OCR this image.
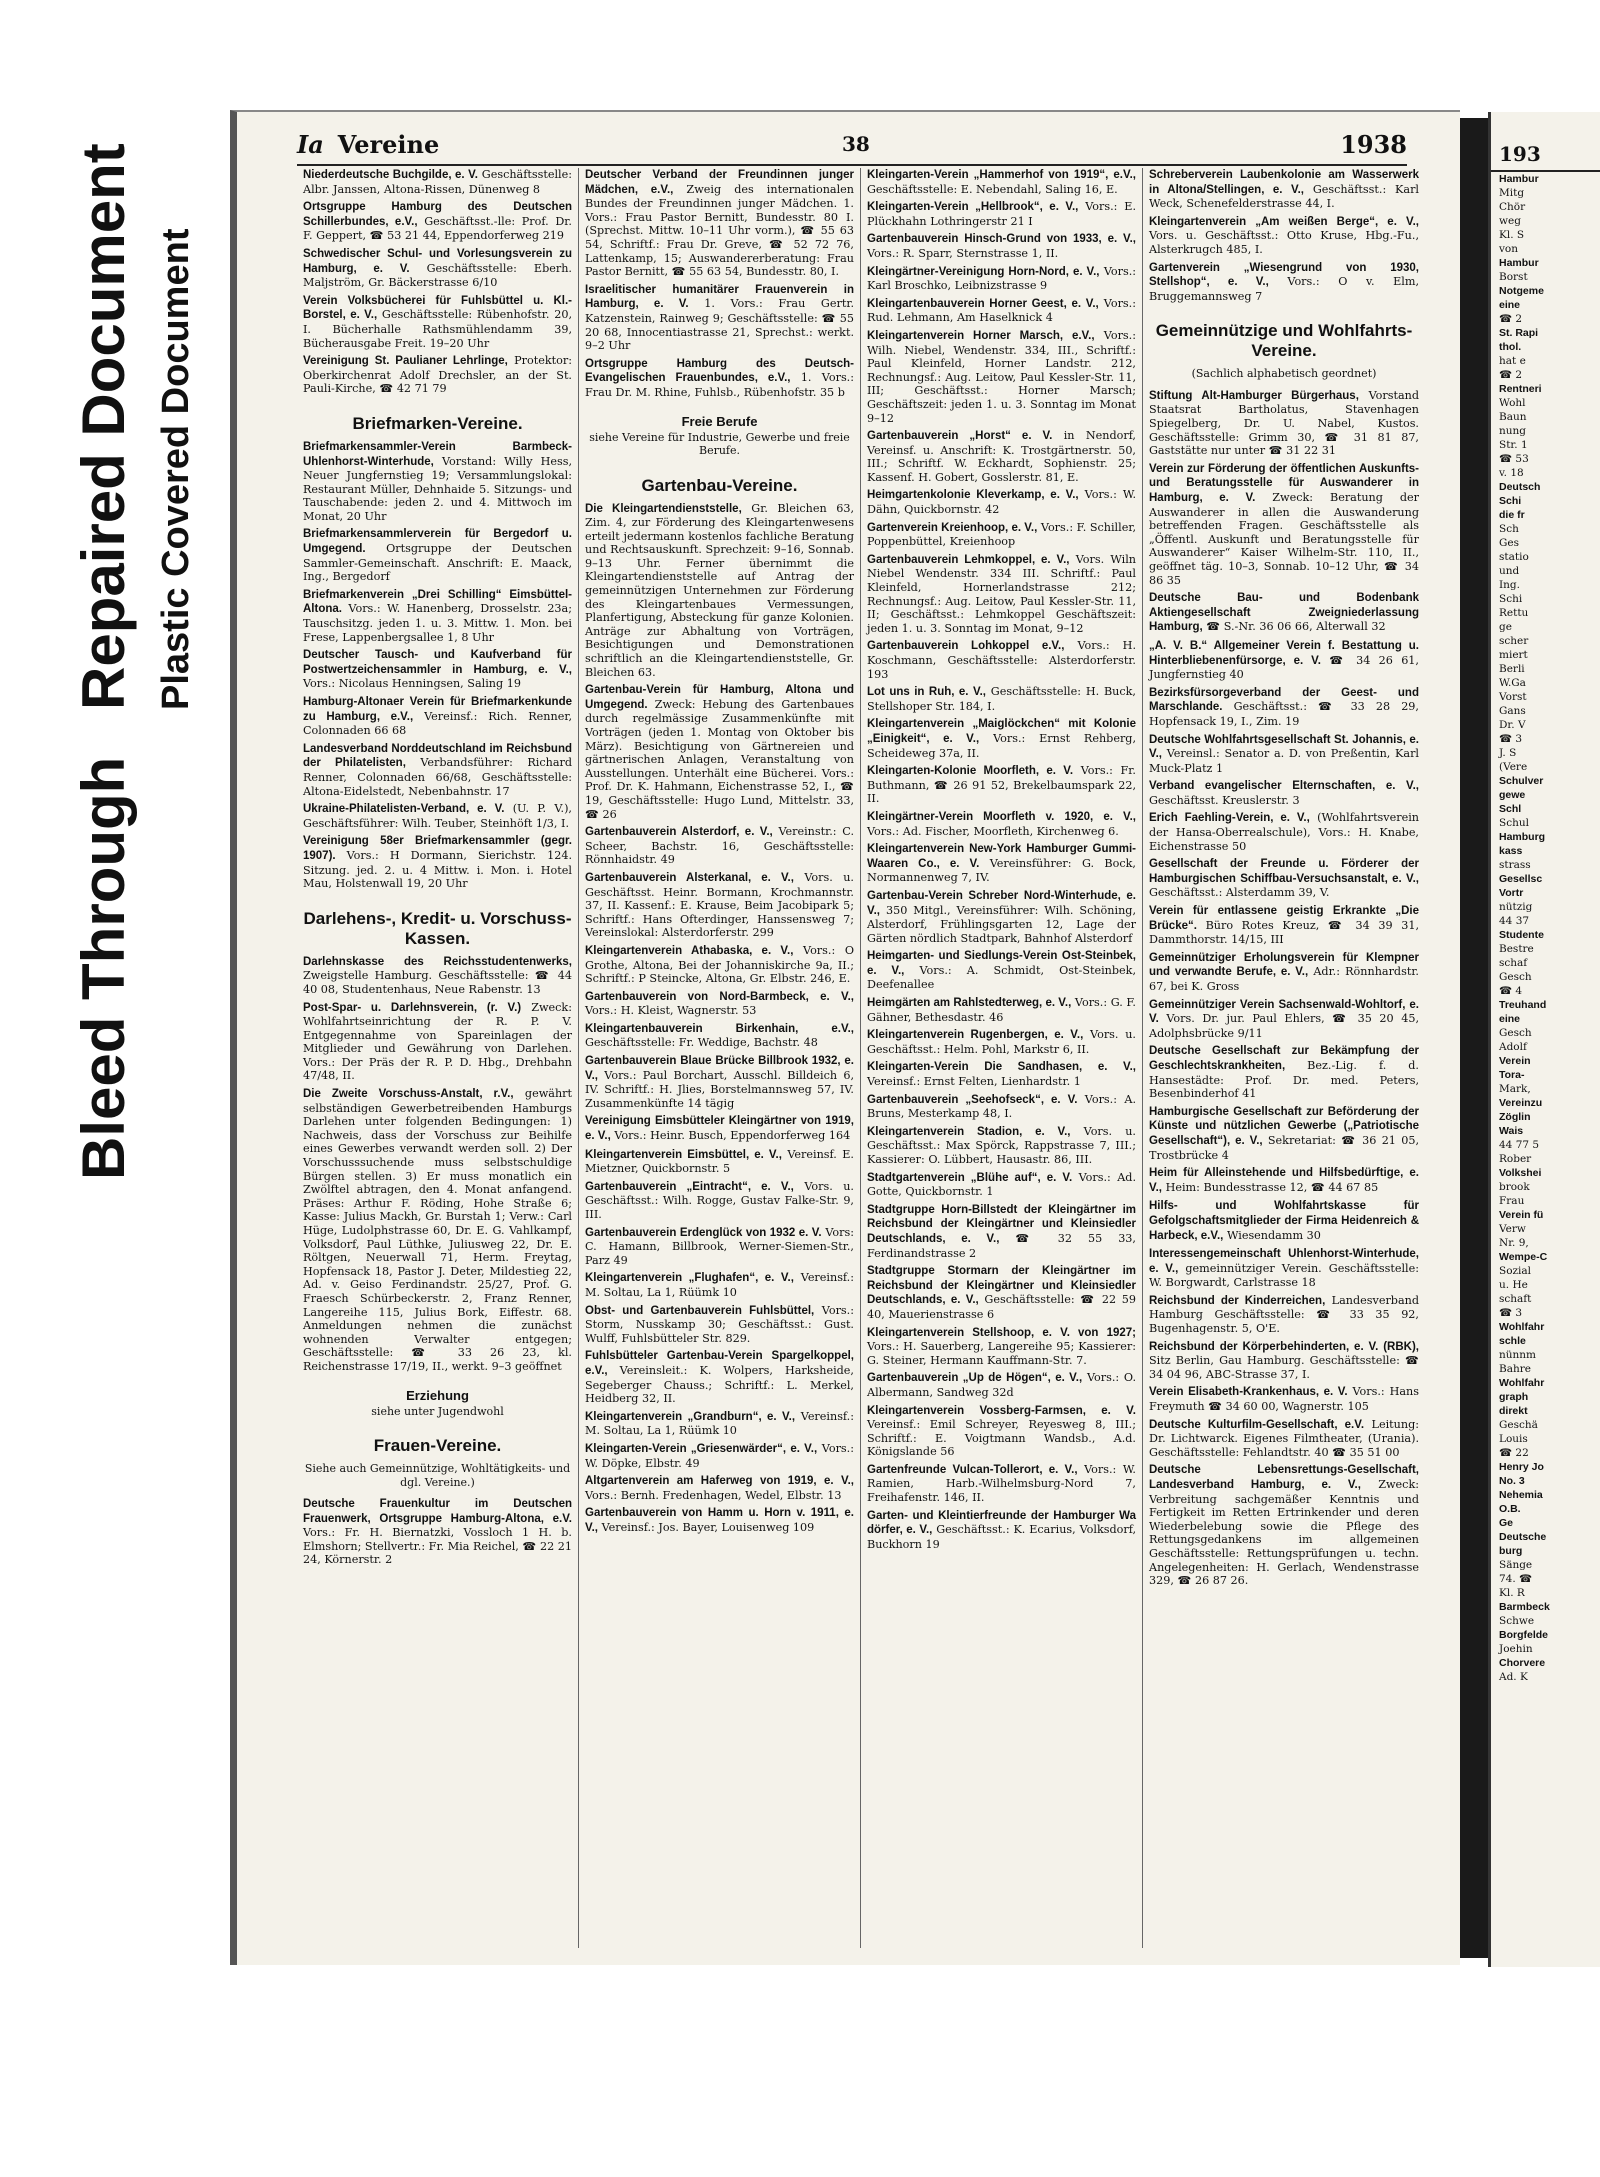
Bleed Through
Repaired Document Plastic Covered Document
Ia Vereine	38	1938
Niederdeutsche Buchgilde, e. V. Geschäftsstelle: Albr. Janssen, Altona-Rissen, Dünenweg 8
Ortsgruppe Hamburg des Deutschen Schillerbundes, e.V., Geschäftsst.-lle: Prof. Dr. F. Geppert, ☎ 53 21 44, Eppendorferweg 219
Schwedischer Schul- und Vorlesungsverein zu Hamburg, e. V. Geschäftsstelle: Eberh. Maljström, Gr. Bäckerstrasse 6/10
Verein Volksbücherei für Fuhlsbüttel u. Kl.-Borstel, e. V., Geschäftsstelle: Rübenhofstr. 20, I. Bücherhalle Rathsmühlendamm 39, Bücherausgabe Freit. 19–20 Uhr
Vereinigung St. Paulianer Lehrlinge, Protektor: Oberkirchenrat Adolf Drechsler, an der St. Pauli-Kirche, ☎ 42 71 79
Briefmarken-Vereine.
Briefmarkensammler-Verein Barmbeck-Uhlenhorst-Winterhude, Vorstand: Willy Hess, Neuer Jungfernstieg 19; Versammlungslokal: Restaurant Müller, Dehnhaide 5. Sitzungs- und Tauschabende: jeden 2. und 4. Mittwoch im Monat, 20 Uhr
Briefmarkensammlerverein für Bergedorf u. Umgegend. Ortsgruppe der Deutschen Sammler-Gemeinschaft. Anschrift: E. Maack, Ing., Bergedorf
Briefmarkenverein „Drei Schilling“ Eimsbüttel-Altona. Vors.: W. Hanenberg, Drosselstr. 23a; Tauschsitzg. jeden 1. u. 3. Mittw. 1. Mon. bei Frese, Lappenbergsallee 1, 8 Uhr
Deutscher Tausch- und Kaufverband für Postwertzeichensammler in Hamburg, e. V., Vors.: Nicolaus Henningsen, Saling 19
Hamburg-Altonaer Verein für Briefmarkenkunde zu Hamburg, e.V., Vereinsf.: Rich. Renner, Colonnaden 66 68
Landesverband Norddeutschland im Reichsbund der Philatelisten, Verbandsführer: Richard Renner, Colonnaden 66/68, Geschäftsstelle: Altona-Eidelstedt, Nebenbahnstr. 17
Ukraine-Philatelisten-Verband, e. V. (U. P. V.), Geschäftsführer: Wilh. Teuber, Steinhöft 1/3, I.
Vereinigung 58er Briefmarkensammler (gegr. 1907). Vors.: H Dormann, Sierichstr. 124. Sitzung. jed. 2. u. 4 Mittw. i. Mon. i. Hotel Mau, Holstenwall 19, 20 Uhr
Darlehens-, Kredit- u. Vorschuss-Kassen.
Darlehnskasse des Reichsstudentenwerks, Zweigstelle Hamburg. Geschäftsstelle: ☎ 44 40 08, Studentenhaus, Neue Rabenstr. 13
Post-Spar- u. Darlehnsverein, (r. V.) Zweck: Wohlfahrtseinrichtung der R. P. V. Entgegennahme von Spareinlagen der Mitglieder und Gewährung von Darlehen. Vors.: Der Präs der R. P. D. Hbg., Drehbahn 47/48, II.
Die Zweite Vorschuss-Anstalt, r.V., gewährt selbständigen Gewerbetreibenden Hamburgs Darlehen unter folgenden Bedingungen: 1) Nachweis, dass der Vorschuss zur Beihilfe eines Gewerbes verwandt werden soll. 2) Der Vorschusssuchende muss selbstschuldige Bürgen stellen. 3) Er muss monatlich ein Zwölftel abtragen, den 4. Monat anfangend. Präses: Arthur F. Röding, Hohe Straße 6; Kasse: Julius Mackh, Gr. Burstah 1; Verw.: Carl Hüge, Ludolphstrasse 60, Dr. E. G. Vahlkampf, Volksdorf, Paul Lüthke, Juliusweg 22, Dr. E. Röltgen, Neuerwall 71, Herm. Freytag, Hopfensack 18, Pastor J. Deter, Mildestieg 22, Ad. v. Geiso Ferdinandstr. 25/27, Prof. G. Fraesch Schürbeckerstr. 2, Franz Renner, Langereihe 115, Julius Bork, Eiffestr. 68. Anmeldungen nehmen die zunächst wohnenden Verwalter entgegen; Geschäftsstelle: ☎ 33 26 23, kl. Reichenstrasse 17/19, II., werkt. 9–3 geöffnet
Erziehung
siehe unter Jugendwohl
Frauen-Vereine.
Siehe auch Gemeinnützige, Wohltätigkeits- und dgl. Vereine.)
Deutsche Frauenkultur im Deutschen Frauenwerk, Ortsgruppe Hamburg-Altona, e.V. Vors.: Fr. H. Biernatzki, Vossloch 1 H. b. Elmshorn; Stellvertr.: Fr. Mia Reichel, ☎ 22 21 24, Körnerstr. 2
Deutscher Verband der Freundinnen junger Mädchen, e.V., Zweig des internationalen Bundes der Freundinnen junger Mädchen. 1. Vors.: Frau Pastor Bernitt, Bundesstr. 80 I. (Sprechst. Mittw. 10–11 Uhr vorm.), ☎ 55 63 54, Schriftf.: Frau Dr. Greve, ☎ 52 72 76, Lattenkamp, 15; Auswandererberatung: Frau Pastor Bernitt, ☎ 55 63 54, Bundesstr. 80, I.
Israelitischer humanitärer Frauenverein in Hamburg, e. V. 1. Vors.: Frau Gertr. Katzenstein, Rainweg 9; Geschäftsstelle: ☎ 55 20 68, Innocentiastrasse 21, Sprechst.: werkt. 9–2 Uhr
Ortsgruppe Hamburg des Deutsch-Evangelischen Frauenbundes, e.V., 1. Vors.: Frau Dr. M. Rhine, Fuhlsb., Rübenhofstr. 35 b
Freie Berufe
siehe Vereine für Industrie, Gewerbe und freie Berufe.
Gartenbau-Vereine.
Die Kleingartendienststelle, Gr. Bleichen 63, Zim. 4, zur Förderung des Kleingartenwesens erteilt jedermann kostenlos fachliche Beratung und Rechtsauskunft. Sprechzeit: 9–16, Sonnab. 9–13 Uhr. Ferner übernimmt die Kleingartendienststelle auf Antrag der gemeinnützigen Unternehmen zur Förderung des Kleingartenbaues Vermessungen, Planfertigung, Absteckung für ganze Kolonien. Anträge zur Abhaltung von Vorträgen, Besichtigungen und Demonstrationen schriftlich an die Kleingartendienststelle, Gr. Bleichen 63.
Gartenbau-Verein für Hamburg, Altona und Umgegend. Zweck: Hebung des Gartenbaues durch regelmässige Zusammenkünfte mit Vorträgen (jeden 1. Montag von Oktober bis März). Besichtigung von Gärtnereien und gärtnerischen Anlagen, Veranstaltung von Ausstellungen. Unterhält eine Bücherei. Vors.: Prof. Dr. K. Hahmann, Eichenstrasse 52, I., ☎ 19, Geschäftsstelle: Hugo Lund, Mittelstr. 33, ☎ 26
Gartenbauverein Alsterdorf, e. V., Vereinstr.: C. Scheer, Bachstr. 16, Geschäftsstelle: Rönnhaidstr. 49
Gartenbauverein Alsterkanal, e. V., Vors. u. Geschäftsst. Heinr. Bormann, Krochmannstr. 37, II. Kassenf.: E. Krause, Beim Jacobipark 5; Schriftf.: Hans Ofterdinger, Hanssensweg 7; Vereinslokal: Alsterdorferstr. 299
Kleingartenverein Athabaska, e. V., Vors.: O Grothe, Altona, Bei der Johanniskirche 9a, II.; Schriftf.: P Steincke, Altona, Gr. Elbstr. 246, E.
Gartenbauverein von Nord-Barmbeck, e. V., Vors.: H. Kleist, Wagnerstr. 53
Kleingartenbauverein Birkenhain, e.V., Geschäftsstelle: Fr. Weddige, Bachstr. 48
Gartenbauverein Blaue Brücke Billbrook 1932, e. V., Vors.: Paul Borchart, Ausschl. Billdeich 6, IV. Schriftf.: H. Jlies, Borstelmannsweg 57, IV. Zusammenkünfte 14 tägig
Vereinigung Eimsbütteler Kleingärtner von 1919, e. V., Vors.: Heinr. Busch, Eppendorferweg 164
Kleingartenverein Eimsbüttel, e. V., Vereinsf. E. Mietzner, Quickbornstr. 5
Gartenbauverein „Eintracht“, e. V., Vors. u. Geschäftsst.: Wilh. Rogge, Gustav Falke-Str. 9, III.
Gartenbauverein Erdenglück von 1932 e. V. Vors: C. Hamann, Billbrook, Werner-Siemen-Str., Parz 49
Kleingartenverein „Flughafen“, e. V., Vereinsf.: M. Soltau, La 1, Rüümk 10
Obst- und Gartenbauverein Fuhlsbüttel, Vors.: Storm, Nusskamp 30; Geschäftsst.: Gust. Wulff, Fuhlsbütteler Str. 829.
Fuhlsbütteler Gartenbau-Verein Spargelkoppel, e.V., Vereinsleit.: K. Wolpers, Harksheide, Segeberger Chauss.; Schriftf.: L. Merkel, Heidberg 32, II.
Kleingartenverein „Grandburn“, e. V., Vereinsf.: M. Soltau, La 1, Rüümk 10
Kleingarten-Verein „Griesenwärder“, e. V., Vors.: W. Döpke, Elbstr. 49
Altgartenverein am Haferweg von 1919, e. V., Vors.: Bernh. Fredenhagen, Wedel, Elbstr. 13
Gartenbauverein von Hamm u. Horn v. 1911, e. V., Vereinsf.: Jos. Bayer, Louisenweg 109
Kleingarten-Verein „Hammerhof von 1919“, e.V., Geschäftsstelle: E. Nebendahl, Saling 16, E.
Kleingarten-Verein „Hellbrook“, e. V., Vors.: E. Plückhahn Lothringerstr 21 I
Gartenbauverein Hinsch-Grund von 1933, e. V., Vors.: R. Sparr, Sternstrasse 1, II.
Kleingärtner-Vereinigung Horn-Nord, e. V., Vors.: Karl Broschko, Leibnizstrasse 9
Kleingartenbauverein Horner Geest, e. V., Vors.: Rud. Lehmann, Am Haselknick 4
Kleingartenverein Horner Marsch, e.V., Vors.: Wilh. Niebel, Wendenstr. 334, III., Schriftf.: Paul Kleinfeld, Horner Landstr. 212, Rechnungsf.: Aug. Leitow, Paul Kessler-Str. 11, III; Geschäftsst.: Horner Marsch; Geschäftszeit: jeden 1. u. 3. Sonntag im Monat 9–12
Gartenbauverein „Horst“ e. V. in Nendorf, Vereinsf. u. Anschrift: K. Trostgärtnerstr. 50, III.; Schriftf. W. Eckhardt, Sophienstr. 25; Kassenf. H. Gobert, Gosslerstr. 81, E.
Heimgartenkolonie Kleverkamp, e. V., Vors.: W. Dähn, Quickbornstr. 42
Gartenverein Kreienhoop, e. V., Vors.: F. Schiller, Poppenbüttel, Kreienhoop
Gartenbauverein Lehmkoppel, e. V., Vors. Wiln Niebel Wendenstr. 334 III. Schriftf.: Paul Kleinfeld, Hornerlandstrasse 212; Rechnungsf.: Aug. Leitow, Paul Kessler-Str. 11, II; Geschäftsst.: Lehmkoppel Geschäftszeit: jeden 1. u. 3. Sonntag im Monat, 9–12
Gartenbauverein Lohkoppel e.V., Vors.: H. Koschmann, Geschäftsstelle: Alsterdorferstr. 193
Lot uns in Ruh, e. V., Geschäftsstelle: H. Buck, Stellshoper Str. 184, I.
Kleingartenverein „Maiglöckchen“ mit Kolonie „Einigkeit“, e. V., Vors.: Ernst Rehberg, Scheideweg 37a, II.
Kleingarten-Kolonie Moorfleth, e. V. Vors.: Fr. Buthmann, ☎ 26 91 52, Brekelbaumspark 22, II.
Kleingärtner-Verein Moorfleth v. 1920, e. V., Vors.: Ad. Fischer, Moorfleth, Kirchenweg 6.
Kleingartenverein New-York Hamburger Gummi-Waaren Co., e. V. Vereinsführer: G. Bock, Normannenweg 7, IV.
Gartenbau-Verein Schreber Nord-Winterhude, e. V., 350 Mitgl., Vereinsführer: Wilh. Schöning, Alsterdorf, Frühlingsgarten 12, Lage der Gärten nördlich Stadtpark, Bahnhof Alsterdorf
Heimgarten- und Siedlungs-Verein Ost-Steinbek, e. V., Vors.: A. Schmidt, Ost-Steinbek, Deefenallee
Heimgärten am Rahlstedterweg, e. V., Vors.: G. F. Gähner, Bethesdastr. 46
Kleingartenverein Rugenbergen, e. V., Vors. u. Geschäftsst.: Helm. Pohl, Markstr 6, II.
Kleingarten-Verein Die Sandhasen, e. V., Vereinsf.: Ernst Felten, Lienhardstr. 1
Gartenbauverein „Seehofseck“, e. V. Vors.: A. Bruns, Mesterkamp 48, I.
Kleingartenverein Stadion, e. V., Vors. u. Geschäftsst.: Max Spörck, Rappstrasse 7, III.; Kassierer: O. Lübbert, Hausastr. 86, III.
Stadtgartenverein „Blühe auf“, e. V. Vors.: Ad. Gotte, Quickbornstr. 1
Stadtgruppe Horn-Billstedt der Kleingärtner im Reichsbund der Kleingärtner und Kleinsiedler Deutschlands, e. V., ☎ 32 55 33, Ferdinandstrasse 2
Stadtgruppe Stormarn der Kleingärtner im Reichsbund der Kleingärtner und Kleinsiedler Deutschlands, e. V., Geschäftsstelle: ☎ 22 59 40, Mauerienstrasse 6
Kleingartenverein Stellshoop, e. V. von 1927; Vors.: H. Sauerberg, Langereihe 95; Kassierer: G. Steiner, Hermann Kauffmann-Str. 7.
Gartenbauverein „Up de Högen“, e. V., Vors.: O. Albermann, Sandweg 32d
Kleingartenverein Vossberg-Farmsen, e. V. Vereinsf.: Emil Schreyer, Reyesweg 8, III.; Schriftf.: E. Voigtmann Wandsb., A.d. Königslande 56
Gartenfreunde Vulcan-Tollerort, e. V., Vors.: W. Ramien, Harb.-Wilhelmsburg-Nord 7, Freihafenstr. 146, II.
Garten- und Kleintierfreunde der Hamburger Wa dörfer, e. V., Geschäftsst.: K. Ecarius, Volksdorf, Buckhorn 19
Schreberverein Laubenkolonie am Wasserwerk in Altona/Stellingen, e. V., Geschäftsst.: Karl Weck, Schenefelderstrasse 44, I.
Kleingartenverein „Am weißen Berge“, e. V., Vors. u. Geschäftsst.: Otto Kruse, Hbg.-Fu., Alsterkrugch 485, I.
Gartenverein „Wiesengrund von 1930, Stellshop“, e. V., Vors.: O v. Elm, Bruggemannsweg 7
Gemeinnützige und Wohlfahrts-Vereine.
(Sachlich alphabetisch geordnet)
Stiftung Alt-Hamburger Bürgerhaus, Vorstand Staatsrat Bartholatus, Stavenhagen Spiegelberg, Dr. U. Nabel, Kustos. Geschäftsstelle: Grimm 30, ☎ 31 81 87, Gaststätte nur unter ☎ 31 22 31
Verein zur Förderung der öffentlichen Auskunfts- und Beratungsstelle für Auswanderer in Hamburg, e. V. Zweck: Beratung der Auswanderer in allen die Auswanderung betreffenden Fragen. Geschäftsstelle als „Öffentl. Auskunft und Beratungsstelle für Auswanderer“ Kaiser Wilhelm-Str. 110, II., geöffnet täg. 10–3, Sonnab. 10–12 Uhr, ☎ 34 86 35
Deutsche Bau- und Bodenbank Aktiengesellschaft Zweigniederlassung Hamburg, ☎ S.-Nr. 36 06 66, Alterwall 32
„A. V. B.“ Allgemeiner Verein f. Bestattung u. Hinterbliebenenfürsorge, e. V. ☎ 34 26 61, Jungfernstieg 40
Bezirksfürsorgeverband der Geest- und Marschlande. Geschäftsst.: ☎ 33 28 29, Hopfensack 19, I., Zim. 19
Deutsche Wohlfahrtsgesellschaft St. Johannis, e. V., Vereinsl.: Senator a. D. von Preßentin, Karl Muck-Platz 1
Verband evangelischer Elternschaften, e. V., Geschäftsst. Kreuslerstr. 3
Erich Faehling-Verein, e. V., (Wohlfahrtsverein der Hansa-Oberrealschule), Vors.: H. Knabe, Eichenstrasse 50
Gesellschaft der Freunde u. Förderer der Hamburgischen Schiffbau-Versuchsanstalt, e. V., Geschäftsst.: Alsterdamm 39, V.
Verein für entlassene geistig Erkrankte „Die Brücke“. Büro Rotes Kreuz, ☎ 34 39 31, Dammthorstr. 14/15, III
Gemeinnütziger Erholungsverein für Klempner und verwandte Berufe, e. V., Adr.: Rönnhardstr. 67, bei K. Gross
Gemeinnütziger Verein Sachsenwald-Wohltorf, e. V. Vors. Dr. jur. Paul Ehlers, ☎ 35 20 45, Adolphsbrücke 9/11
Deutsche Gesellschaft zur Bekämpfung der Geschlechtskrankheiten, Bez.-Lig. f. d. Hansestädte: Prof. Dr. med. Peters, Besenbinderhof 41
Hamburgische Gesellschaft zur Beförderung der Künste und nützlichen Gewerbe („Patriotische Gesellschaft“), e. V., Sekretariat: ☎ 36 21 05, Trostbrücke 4
Heim für Alleinstehende und Hilfsbedürftige, e. V., Heim: Bundesstrasse 12, ☎ 44 67 85
Hilfs- und Wohlfahrtskasse für Gefolgschaftsmitglieder der Firma Heidenreich & Harbeck, e.V., Wiesendamm 30
Interessengemeinschaft Uhlenhorst-Winterhude, e. V., gemeinnütziger Verein. Geschäftsstelle: W. Borgwardt, Carlstrasse 18
Reichsbund der Kinderreichen, Landesverband Hamburg Geschäftsstelle: ☎ 33 35 92, Bugenhagenstr. 5, O'E.
Reichsbund der Körperbehinderten, e. V. (RBK), Sitz Berlin, Gau Hamburg. Geschäftsstelle: ☎ 34 04 96, ABC-Strasse 37, I.
Verein Elisabeth-Krankenhaus, e. V. Vors.: Hans Freymuth ☎ 34 60 00, Wagnerstr. 105
Deutsche Kulturfilm-Gesellschaft, e.V. Leitung: Dr. Lichtwarck. Eigenes Filmtheater, (Urania). Geschäftsstelle: Fehlandtstr. 40 ☎ 35 51 00
Deutsche Lebensrettungs-Gesellschaft, Landesverband Hamburg, e. V., Zweck: Verbreitung sachgemäßer Kenntnis und Fertigkeit im Retten Ertrinkender und deren Wiederbelebung sowie die Pflege des Rettungsgedankens im allgemeinen Geschäftsstelle: Rettungsprüfungen u. techn. Angelegenheiten: H. Gerlach, Wendenstrasse 329, ☎ 26 87 26.
193
Hambur
Mitg
Chör
weg
Kl. S
von
Hambur
Borst
Notgeme
eine
☎ 2
St. Rapi
thol.
hat e
☎ 2
Rentneri
Wohl
Baun
nung
Str. 1
☎ 53
v. 18
Deutsch
Schi
die fr
Sch
Ges
statio
und
Ing.
Schi
Rettu
ge
scher
miert
Berli
W.Ga
Vorst
Gans
Dr. V
☎ 3
J. S
(Vere
Schulver
gewe
Schl
Schul
Hamburg
kass
strass
Gesellsc
Vortr
nützig
44 37
Studente
Bestre
schaf
Gesch
☎ 4
Treuhand
eine
Gesch
Adolf
Verein
Tora-
Mark,
Vereinzu
Zöglin
Wais
44 77 5
Rober
Volkshei
brook
Frau
Verein fü
Verw
Nr. 9,
Wempe-C
Sozial
u. He
schaft
☎ 3
Wohlfahr
schle
nünnm
Bahre
Wohlfahr
graph
direkt
Geschä
Louis
☎ 22
Henry Jo
No. 3
Nehemia
O.B.
Ge
Deutsche
burg
Sänge
74. ☎
Kl. R
Barmbeck
Schwe
Borgfelde
Joehin
Chorvere
Ad. K
